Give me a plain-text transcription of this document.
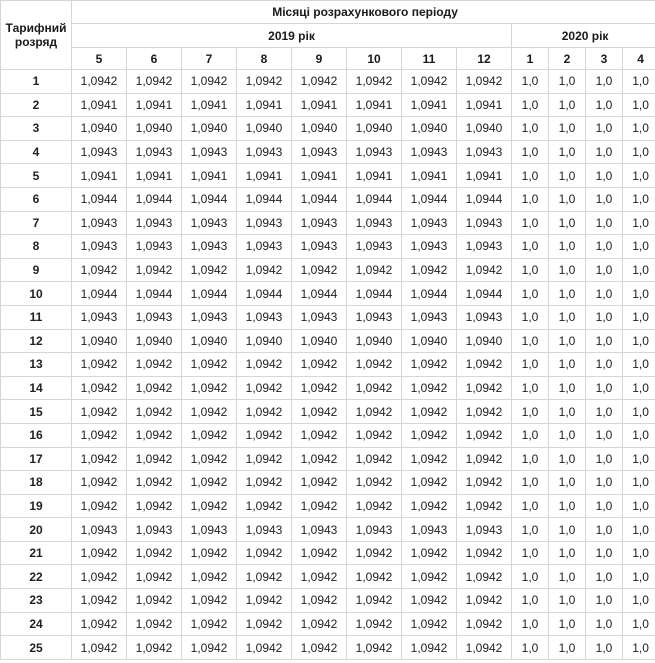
Тарифний розряд	Місяці розрахункового періоду											
	2019 рік								2020 рік			
	5	6	7	8	9	10	11	12	1	2	3	4
1	1,0942	1,0942	1,0942	1,0942	1,0942	1,0942	1,0942	1,0942	1,0	1,0	1,0	1,0
2	1,0941	1,0941	1,0941	1,0941	1,0941	1,0941	1,0941	1,0941	1,0	1,0	1,0	1,0
3	1,0940	1,0940	1,0940	1,0940	1,0940	1,0940	1,0940	1,0940	1,0	1,0	1,0	1,0
4	1,0943	1,0943	1,0943	1,0943	1,0943	1,0943	1,0943	1,0943	1,0	1,0	1,0	1,0
5	1,0941	1,0941	1,0941	1,0941	1,0941	1,0941	1,0941	1,0941	1,0	1,0	1,0	1,0
6	1,0944	1,0944	1,0944	1,0944	1,0944	1,0944	1,0944	1,0944	1,0	1,0	1,0	1,0
7	1,0943	1,0943	1,0943	1,0943	1,0943	1,0943	1,0943	1,0943	1,0	1,0	1,0	1,0
8	1,0943	1,0943	1,0943	1,0943	1,0943	1,0943	1,0943	1,0943	1,0	1,0	1,0	1,0
9	1,0942	1,0942	1,0942	1,0942	1,0942	1,0942	1,0942	1,0942	1,0	1,0	1,0	1,0
10	1,0944	1,0944	1,0944	1,0944	1,0944	1,0944	1,0944	1,0944	1,0	1,0	1,0	1,0
11	1,0943	1,0943	1,0943	1,0943	1,0943	1,0943	1,0943	1,0943	1,0	1,0	1,0	1,0
12	1,0940	1,0940	1,0940	1,0940	1,0940	1,0940	1,0940	1,0940	1,0	1,0	1,0	1,0
13	1,0942	1,0942	1,0942	1,0942	1,0942	1,0942	1,0942	1,0942	1,0	1,0	1,0	1,0
14	1,0942	1,0942	1,0942	1,0942	1,0942	1,0942	1,0942	1,0942	1,0	1,0	1,0	1,0
15	1,0942	1,0942	1,0942	1,0942	1,0942	1,0942	1,0942	1,0942	1,0	1,0	1,0	1,0
16	1,0942	1,0942	1,0942	1,0942	1,0942	1,0942	1,0942	1,0942	1,0	1,0	1,0	1,0
17	1,0942	1,0942	1,0942	1,0942	1,0942	1,0942	1,0942	1,0942	1,0	1,0	1,0	1,0
18	1,0942	1,0942	1,0942	1,0942	1,0942	1,0942	1,0942	1,0942	1,0	1,0	1,0	1,0
19	1,0942	1,0942	1,0942	1,0942	1,0942	1,0942	1,0942	1,0942	1,0	1,0	1,0	1,0
20	1,0943	1,0943	1,0943	1,0943	1,0943	1,0943	1,0943	1,0943	1,0	1,0	1,0	1,0
21	1,0942	1,0942	1,0942	1,0942	1,0942	1,0942	1,0942	1,0942	1,0	1,0	1,0	1,0
22	1,0942	1,0942	1,0942	1,0942	1,0942	1,0942	1,0942	1,0942	1,0	1,0	1,0	1,0
23	1,0942	1,0942	1,0942	1,0942	1,0942	1,0942	1,0942	1,0942	1,0	1,0	1,0	1,0
24	1,0942	1,0942	1,0942	1,0942	1,0942	1,0942	1,0942	1,0942	1,0	1,0	1,0	1,0
25	1,0942	1,0942	1,0942	1,0942	1,0942	1,0942	1,0942	1,0942	1,0	1,0	1,0	1,0
